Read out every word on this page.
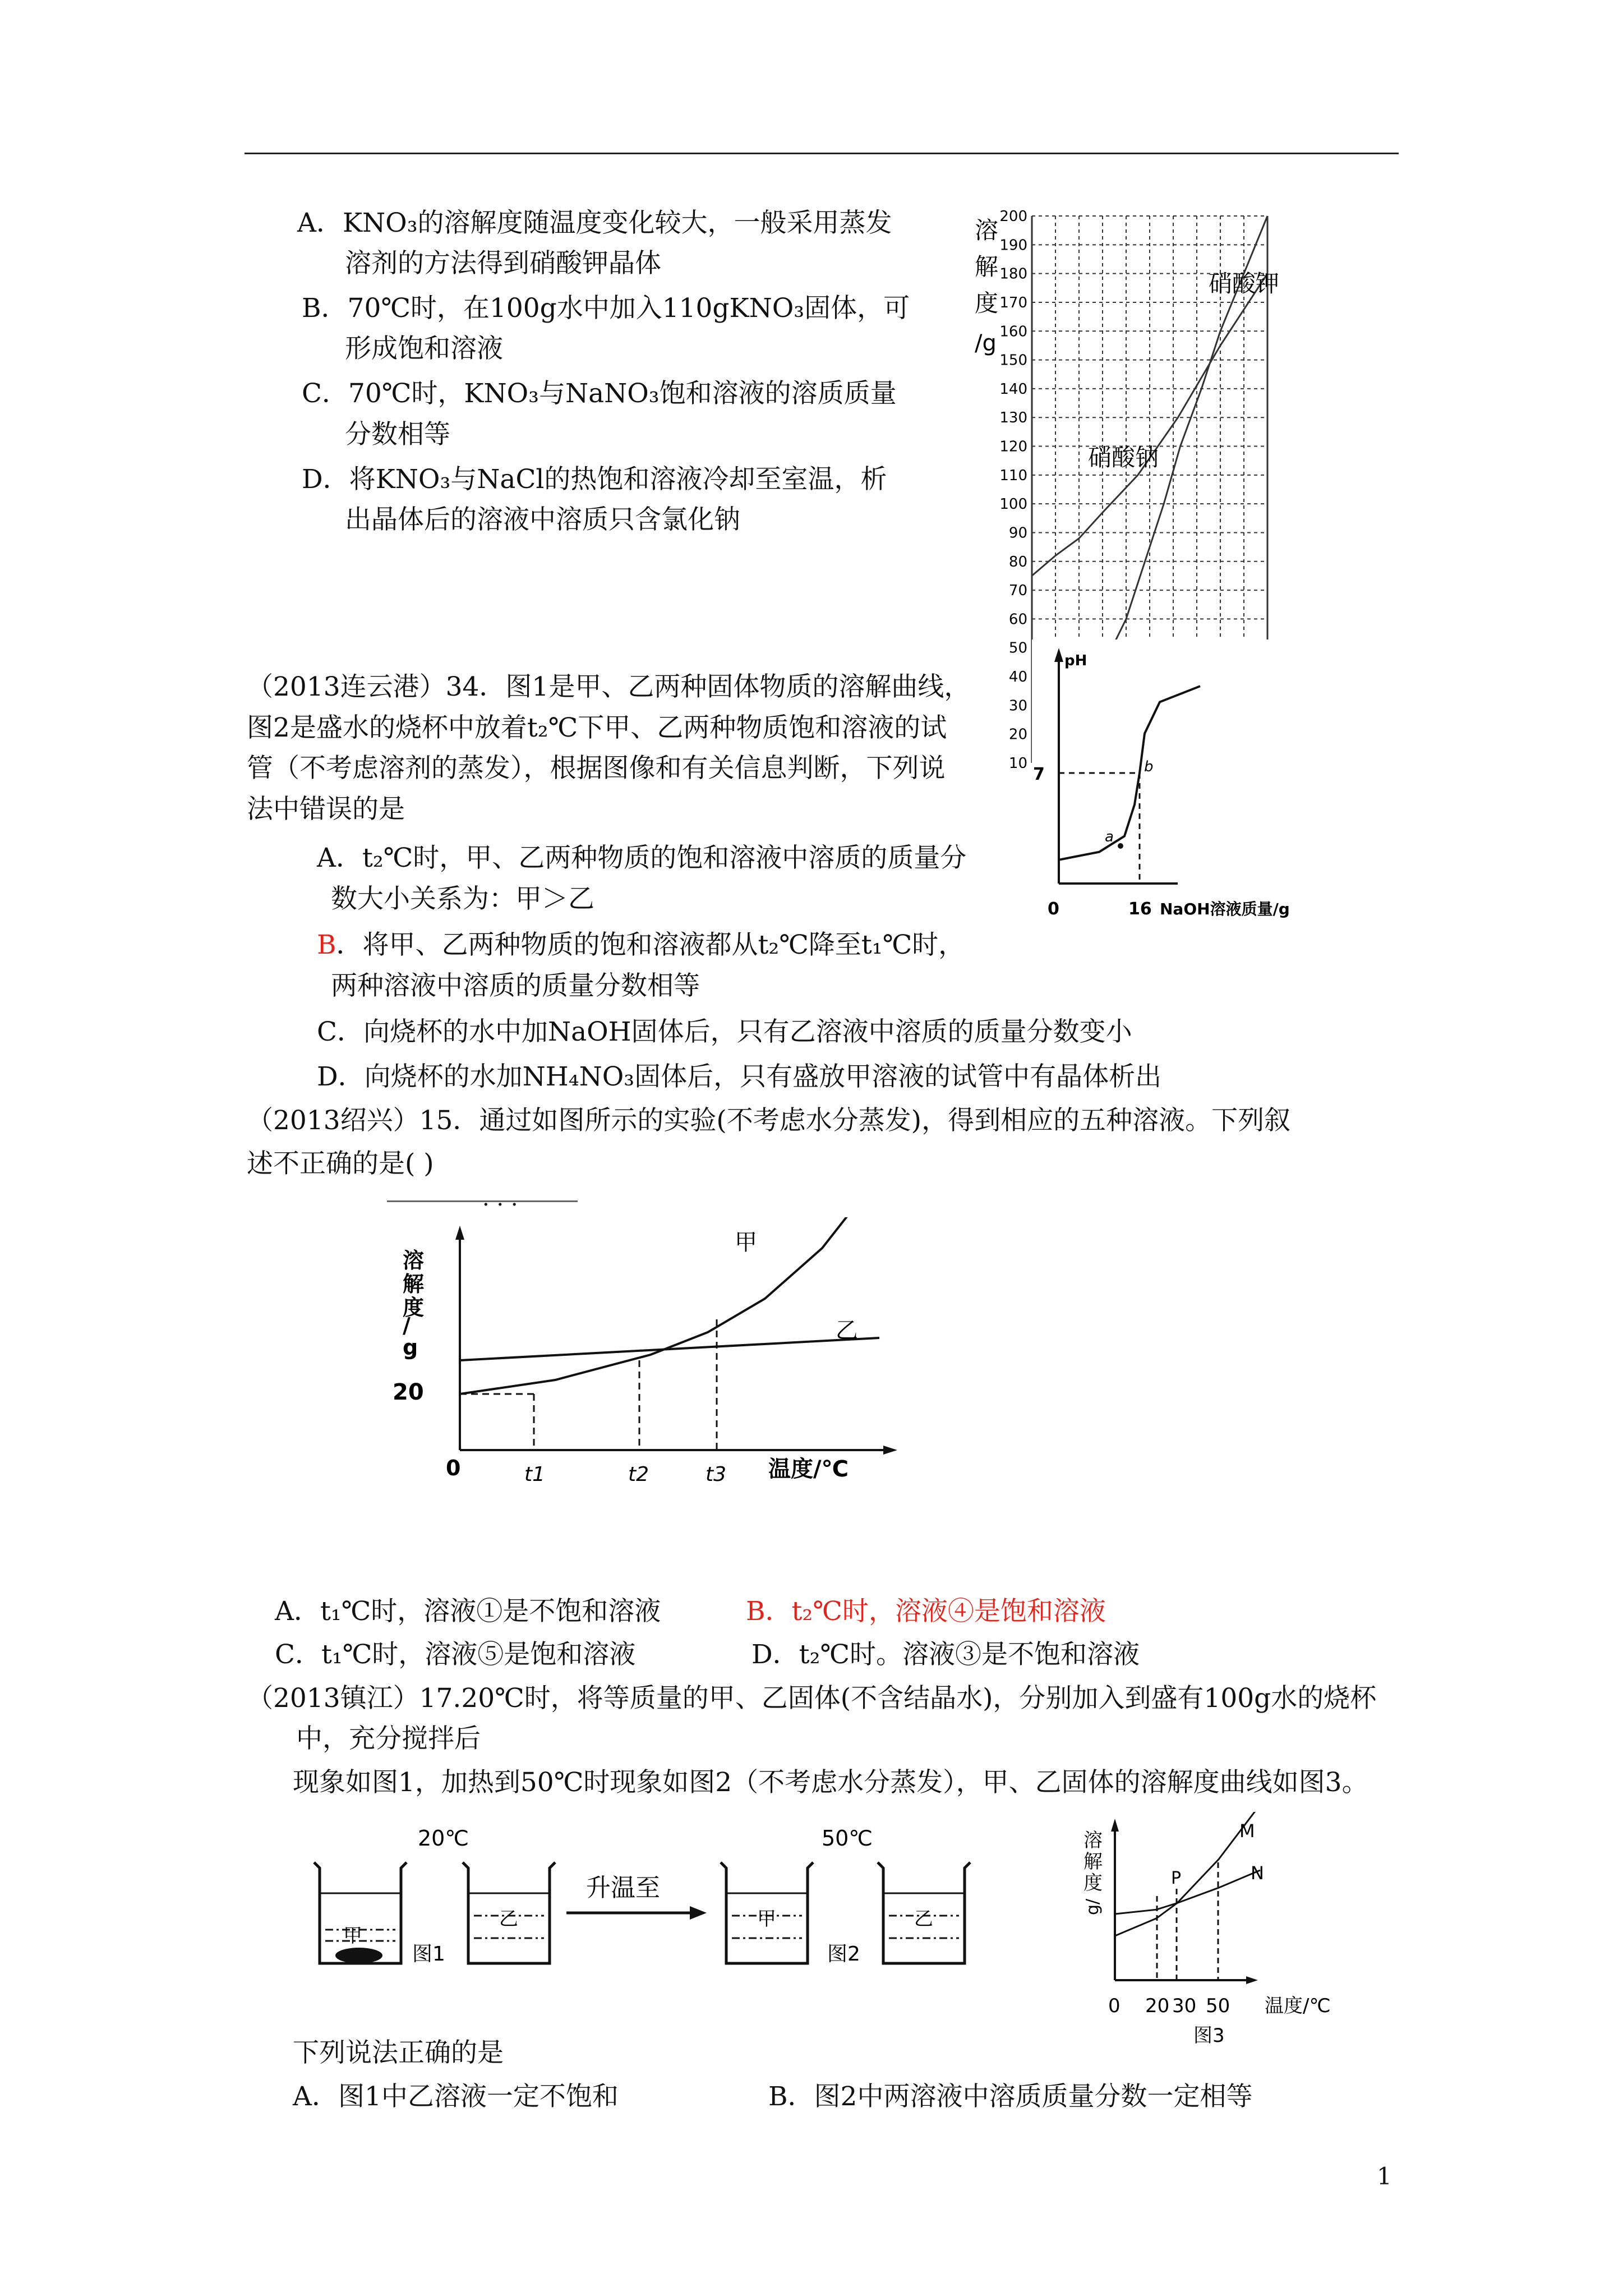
A．KNO₃的溶解度随温度变化较大，一般采用蒸发
溶剂的方法得到硝酸钾晶体
B．70℃时，在100g水中加入110gKNO₃固体，可
形成饱和溶液
C．70℃时，KNO₃与NaNO₃饱和溶液的溶质质量
分数相等
D．将KNO₃与NaCl的热饱和溶液冷却至室温，析
出晶体后的溶液中溶质只含氯化钠
10
20
30
40
50
60
70
80
90
100
110
120
130
140
150
160
170
180
190
200
溶
解
度
/g
硝酸钾
硝酸钠
pH
7
0	16 NaOH溶液质量/g
a
b
（2013连云港）34．图1是甲、乙两种固体物质的溶解曲线，
图2是盛水的烧杯中放着t₂℃下甲、乙两种物质饱和溶液的试
管（不考虑溶剂的蒸发），根据图像和有关信息判断，下列说
法中错误的是
A．t₂℃时，甲、乙两种物质的饱和溶液中溶质的质量分
数大小关系为：甲＞乙
B．将甲、乙两种物质的饱和溶液都从t₂℃降至t₁℃时，
两种溶液中溶质的质量分数相等
C．向烧杯的水中加NaOH固体后，只有乙溶液中溶质的质量分数变小
D．向烧杯的水加NH₄NO₃固体后，只有盛放甲溶液的试管中有晶体析出
（2013绍兴）15．通过如图所示的实验(不考虑水分蒸发)，得到相应的五种溶液。下列叙
述不正确的是( )
· · ·
溶
解
度
/
g
20
甲
乙
0	t1	t2	t3 温度/℃
A．t₁℃时，溶液①是不饱和溶液	B．t₂℃时，溶液④是饱和溶液
C．t₁℃时，溶液⑤是饱和溶液	D．t₂℃时。溶液③是不饱和溶液
（2013镇江）17.20℃时，将等质量的甲、乙固体(不含结晶水)，分别加入到盛有100g水的烧杯
中，充分搅拌后
现象如图1，加热到50℃时现象如图2（不考虑水分蒸发），甲、乙固体的溶解度曲线如图3。
20℃	50℃
甲
图1
乙
升温至
甲
图2
乙
溶
解
度
g/
M
N
P
0 20 30 50 温度/℃
图3
下列说法正确的是
A．图1中乙溶液一定不饱和	B．图2中两溶液中溶质质量分数一定相等
1
